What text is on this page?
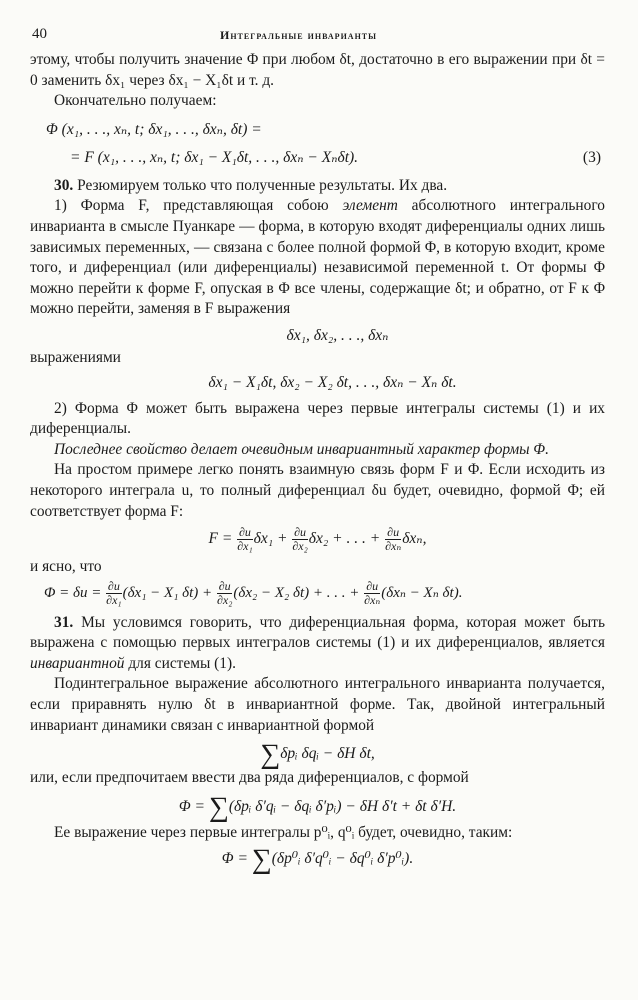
40	Интегральные инварианты

этому, чтобы получить значение Φ при любом δt, достаточно в его выражении при δt = 0 заменить δx₁ через δx₁ − X₁δt и т. д.

Окончательно получаем:

Φ (x₁, . . ., xₙ, t; δx₁, . . ., δxₙ, δt) =
= F (x₁, . . ., xₙ, t; δx₁ − X₁δt, . . ., δxₙ − Xₙδt).	(3)

30. Резюмируем только что полученные результаты. Их два.

1) Форма F, представляющая собою элемент абсолютного интегрального инварианта в смысле Пуанкаре — форма, в которую входят диференциалы одних лишь зависимых переменных, — связана с более полной формой Φ, в которую входит, кроме того, и диференциал (или диференциалы) независимой переменной t. От формы Φ можно перейти к форме F, опуская в Φ все члены, содержащие δt; и обратно, от F к Φ можно перейти, заменяя в F выражения

δx₁, δx₂, . . ., δxₙ

выражениями

δx₁ − X₁δt, δx₂ − X₂ δt, . . ., δxₙ − Xₙ δt.

2) Форма Φ может быть выражена через первые интегралы системы (1) и их диференциалы.

Последнее свойство делает очевидным инвариантный характер формы Φ.

На простом примере легко понять взаимную связь форм F и Φ. Если исходить из некоторого интеграла u, то полный диференциал δu будет, очевидно, формой Φ; ей соответствует форма F:

$F = \frac{\partial u}{\text{∂x₁}} \delta x_1 + \frac{\partial u}{\text{∂x₂}} \delta x_2$ + . . . + $\frac{\partial u}{\text{∂xₙ}} \delta x_n$,

и ясно, что

$\Phi = \delta u = \frac{\partial u}{\text{∂x₁}} (\delta x_1 - X_1$ $\delta t) + \frac{\partial u}{\text{∂x₂}} (\delta x_2 - X_2$ δt) + . . . + $\frac{\partial u}{\text{∂xₙ}} (\delta x_n - X_n$ δt).

31. Мы условимся говорить, что диференциальная форма, которая может быть выражена с помощью первых интегралов системы (1) и их диференциалов, является инвариантной для системы (1).

Подинтегральное выражение абсолютного интегрального инварианта получается, если приравнять нулю δt в инвариантной форме. Так, двойной интегральный инвариант динамики связан с инвариантной формой

∑δpᵢ δqᵢ − δH δt,

или, если предпочитаем ввести два ряда диференциалов, с формой

Φ = ∑(δpᵢ δ′qᵢ − δqᵢ δ′pᵢ) − δH δ′t + δt δ′H.

Ее выражение через первые интегралы p⁰ᵢ, q⁰ᵢ будет, очевидно, таким:

Φ = ∑(δp⁰ᵢ δ′q⁰ᵢ − δq⁰ᵢ δ′p⁰ᵢ).
